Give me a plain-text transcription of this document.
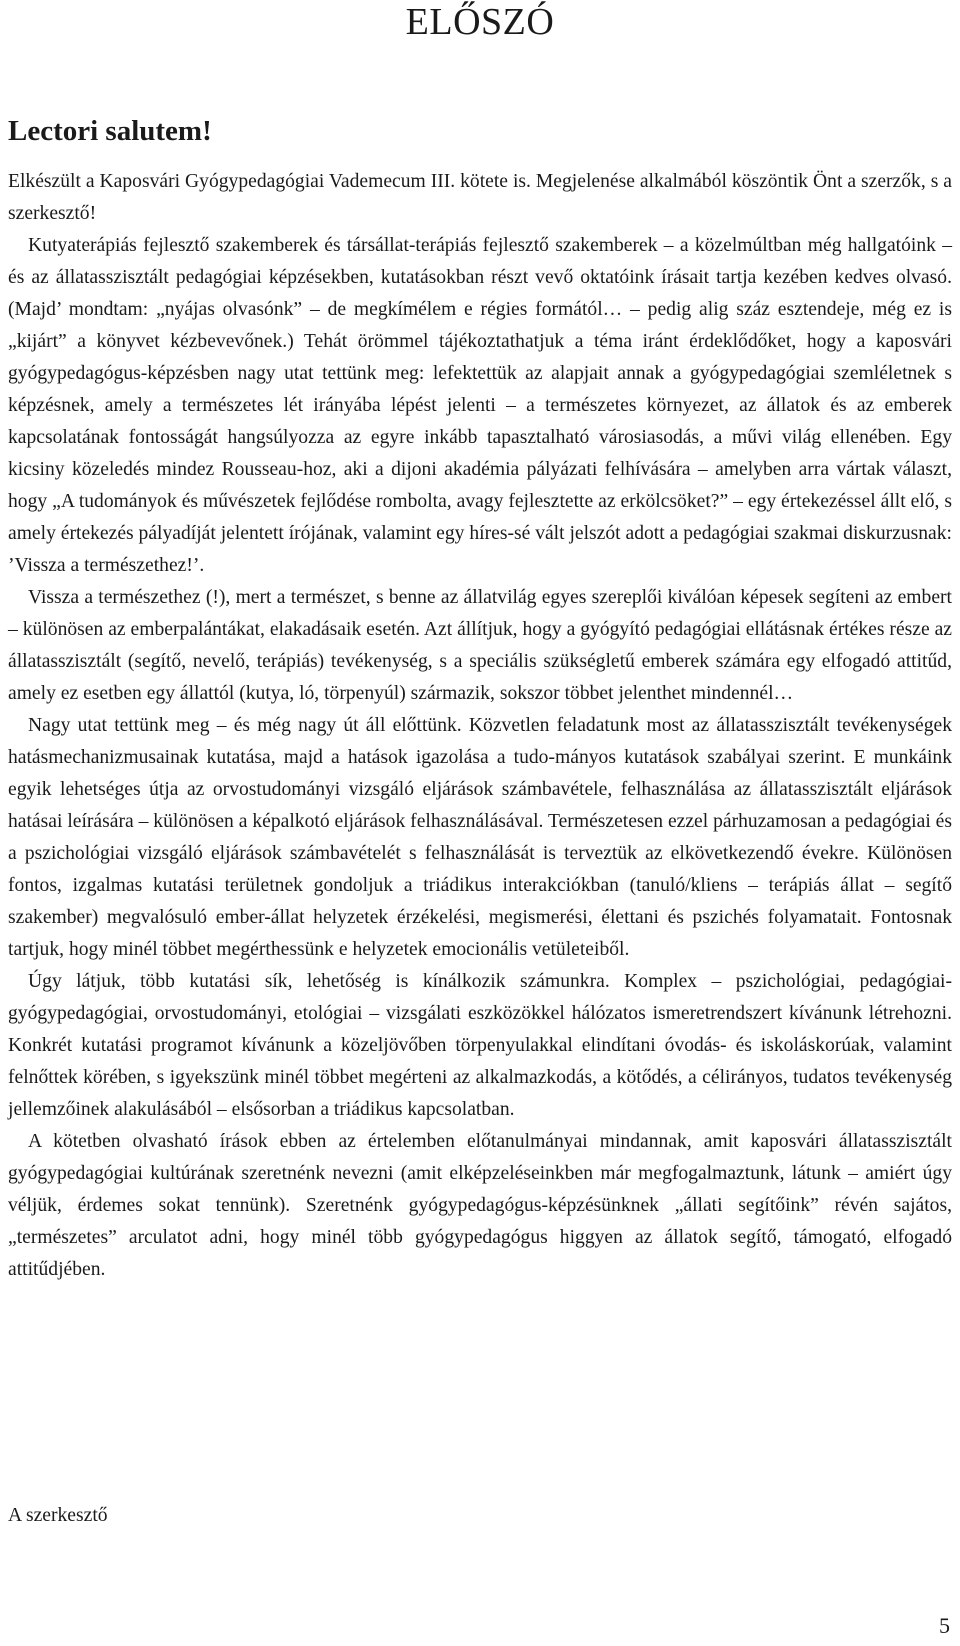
ELŐSZÓ
Lectori salutem!

Elkészült a Kaposvári Gyógypedagógiai Vademecum III. kötete is. Megjelenése alkalmából köszöntik Önt a szerzők, s a szerkesztő!

Kutyaterápiás fejlesztő szakemberek és társállat-terápiás fejlesztő szakemberek – a közelmúltban még hallgatóink – és az állatasszisztált pedagógiai képzésekben, kutatásokban részt vevő oktatóink írásait tartja kezében kedves olvasó. (Majd’ mondtam: „nyájas olvasónk” – de megkímélem e régies formától… – pedig alig száz esztendeje, még ez is „kijárt” a könyvet kézbevevőnek.) Tehát örömmel tájékoztathatjuk a téma iránt érdeklődőket, hogy a kaposvári gyógypedagógus-képzésben nagy utat tettünk meg: lefektettük az alapjait annak a gyógypedagógiai szemléletnek s képzésnek, amely a természetes lét irányába lépést jelenti – a természetes környezet, az állatok és az emberek kapcsolatának fontosságát hangsúlyozza az egyre inkább tapasztalható városiasodás, a művi világ ellenében. Egy kicsiny közeledés mindez Rousseau-hoz, aki a dijoni akadémia pályázati felhívására – amelyben arra vártak választ, hogy „A tudományok és művészetek fejlődése rombolta, avagy fejlesztette az erkölcsöket?” – egy értekezéssel állt elő, s amely értekezés pályadíját jelentett írójának, valamint egy híres-sé vált jelszót adott a pedagógiai szakmai diskurzusnak: ’Vissza a természethez!’.

Vissza a természethez (!), mert a természet, s benne az állatvilág egyes szereplői kiválóan képesek segíteni az embert – különösen az emberpalántákat, elakadásaik esetén. Azt állítjuk, hogy a gyógyító pedagógiai ellátásnak értékes része az állatasszisztált (segítő, nevelő, terápiás) tevékenység, s a speciális szükségletű emberek számára egy elfogadó attitűd, amely ez esetben egy állattól (kutya, ló, törpenyúl) származik, sokszor többet jelenthet mindennél…

Nagy utat tettünk meg – és még nagy út áll előttünk. Közvetlen feladatunk most az állatasszisztált tevékenységek hatásmechanizmusainak kutatása, majd a hatások igazolása a tudo-mányos kutatások szabályai szerint. E munkáink egyik lehetséges útja az orvostudományi vizsgáló eljárások számbavétele, felhasználása az állatasszisztált eljárások hatásai leírására – különösen a képalkotó eljárások felhasználásával. Természetesen ezzel párhuzamosan a pedagógiai és a pszichológiai vizsgáló eljárások számbavételét s felhasználását is terveztük az elkövetkezendő évekre. Különösen fontos, izgalmas kutatási területnek gondoljuk a triádikus interakciókban (tanuló/kliens – terápiás állat – segítő szakember) megvalósuló ember-állat helyzetek érzékelési, megismerési, élettani és pszichés folyamatait. Fontosnak tartjuk, hogy minél többet megérthessünk e helyzetek emocionális vetületeiből.

Úgy látjuk, több kutatási sík, lehetőség is kínálkozik számunkra. Komplex – pszichológiai, pedagógiai-gyógypedagógiai, orvostudományi, etológiai – vizsgálati eszközökkel hálózatos ismeretrendszert kívánunk létrehozni. Konkrét kutatási programot kívánunk a közeljövőben törpenyulakkal elindítani óvodás- és iskoláskorúak, valamint felnőttek körében, s igyekszünk minél többet megérteni az alkalmazkodás, a kötődés, a célirányos, tudatos tevékenység jellemzőinek alakulásából – elsősorban a triádikus kapcsolatban.

A kötetben olvasható írások ebben az értelemben előtanulmányai mindannak, amit kaposvári állatasszisztált gyógypedagógiai kultúrának szeretnénk nevezni (amit elképzeléseinkben már megfogalmaztunk, látunk – amiért úgy véljük, érdemes sokat tennünk). Szeretnénk gyógypedagógus-képzésünknek „állati segítőink” révén sajátos, „természetes” arculatot adni, hogy minél több gyógypedagógus higgyen az állatok segítő, támogató, elfogadó attitűdjében.

A szerkesztő

5
